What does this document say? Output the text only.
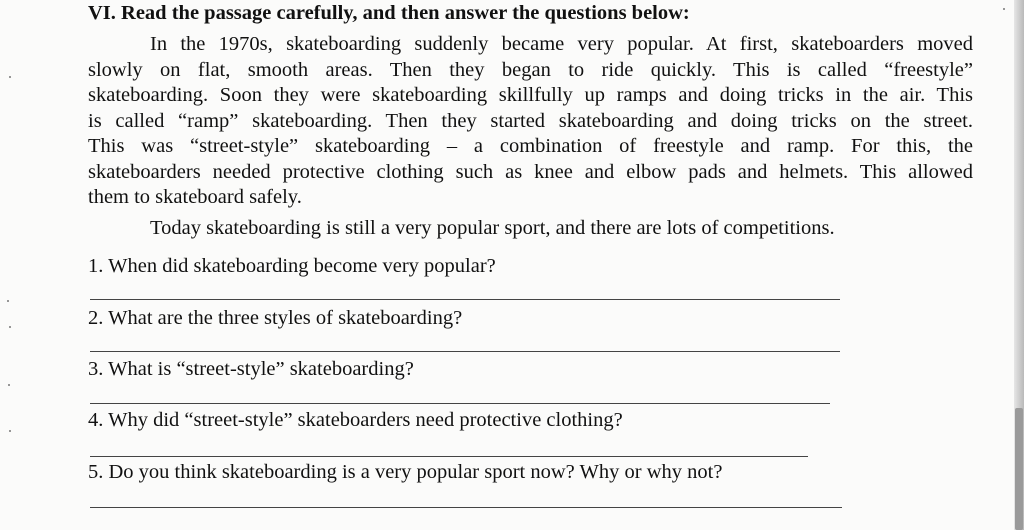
VI. Read the passage carefully, and then answer the questions below:
In the 1970s, skateboarding suddenly became very popular. At first, skateboarders moved
slowly on flat, smooth areas. Then they began to ride quickly. This is called “freestyle”
skateboarding. Soon they were skateboarding skillfully up ramps and doing tricks in the air. This
is called “ramp” skateboarding. Then they started skateboarding and doing tricks on the street.
This was “street-style” skateboarding – a combination of freestyle and ramp. For this, the
skateboarders needed protective clothing such as knee and elbow pads and helmets. This allowed
them to skateboard safely.
Today skateboarding is still a very popular sport, and there are lots of competitions.
1. When did skateboarding become very popular?
2. What are the three styles of skateboarding?
3. What is “street-style” skateboarding?
4. Why did “street-style” skateboarders need protective clothing?
5. Do you think skateboarding is a very popular sport now? Why or why not?
